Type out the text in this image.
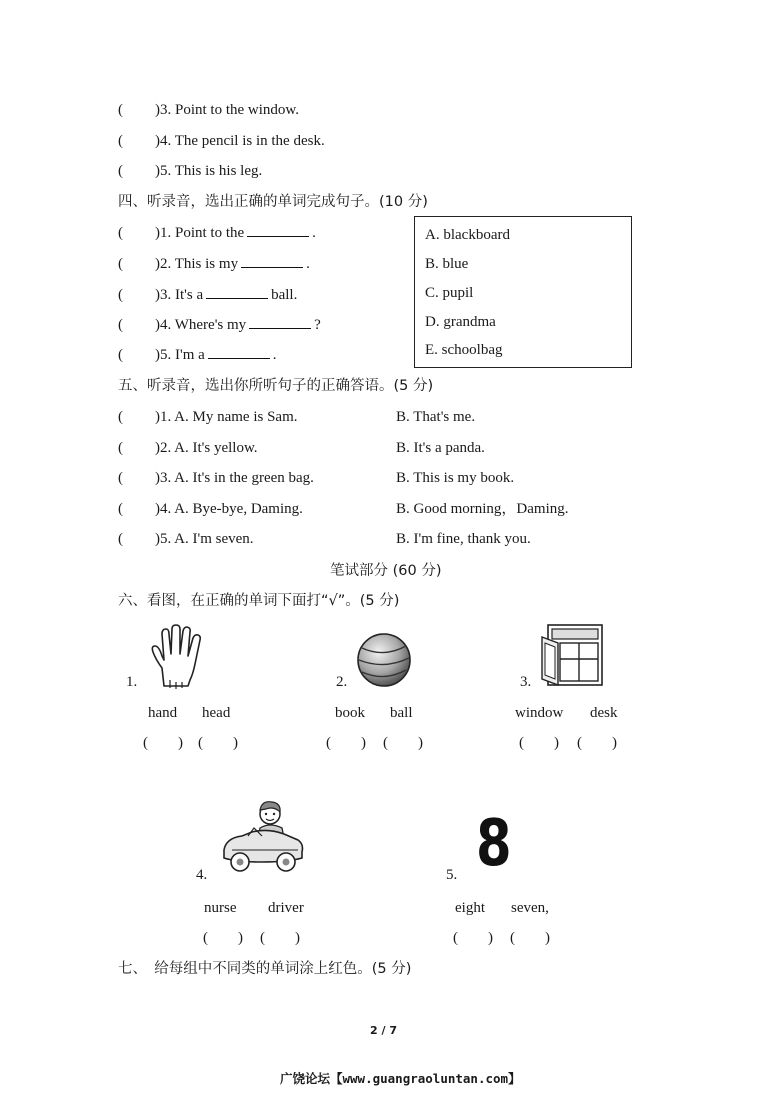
( )3. Point to the window.
( )4. The pencil is in the desk.
( )5. This is his leg.
四、听录音，选出正确的单词完成句子。(10 分)
( )1. Point to the	.
( )2. This is my	.
( )3. It's a	ball.
( )4. Where's my	?
( )5. I'm a	.
A. blackboard
B. blue
C. pupil
D. grandma
E. schoolbag
五、听录音，选出你所听句子的正确答语。(5 分)
( )1. A. My name is Sam.	B. That's me.
( )2. A. It's yellow.	B. It's a panda.
( )3. A. It's in the green bag.	B. This is my book.
( )4. A. Bye-bye, Daming.	B. Good morning，Daming.
( )5. A. I'm seven.	B. I'm fine, thank you.
笔试部分 (60 分)
六、看图，在正确的单词下面打“√”。(5 分)
1.
hand head
(　　) (　　)
2.
book ball
(　　) (　　)
3.
window desk
(　　) (　　)
4.
nurse driver
(　　) (　　)
8
5.
eight seven,
(　　) (　　)
七、　给每组中不同类的单词涂上红色。(5 分)
2 / 7
广饶论坛【www.guangraoluntan.com】
